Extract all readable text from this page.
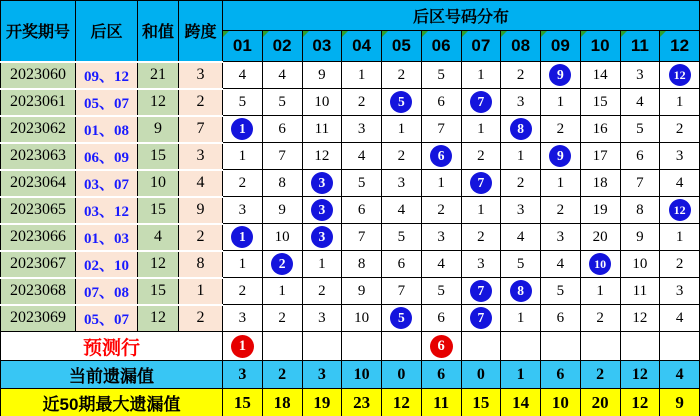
开奖期号	后区	和值	跨度	后区号码分布											

01	02	03	04	05	06	07	08	09	10	11	12
2023060	09、12	21	3	4	4	9	1	2	5	1	2	9	14	3	12
2023061	05、07	12	2	5	5	10	2	5	6	7	3	1	15	4	1
2023062	01、08	9	7	1	6	11	3	1	7	1	8	2	16	5	2
2023063	06、09	15	3	1	7	12	4	2	6	2	1	9	17	6	3
2023064	03、07	10	4	2	8	3	5	3	1	7	2	1	18	7	4
2023065	03、12	15	9	3	9	3	6	4	2	1	3	2	19	8	12
2023066	01、03	4	2	1	10	3	7	5	3	2	4	3	20	9	1
2023067	02、10	12	8	1	2	1	8	6	4	3	5	4	10	10	2
2023068	07、08	15	1	2	1	2	9	7	5	7	8	5	1	11	3
2023069	05、07	12	2	3	2	3	10	5	6	7	1	6	2	12	4
预测行				1					6						
当前遗漏值				3	2	3	10	0	6	0	1	6	2	12	4
近50期最大遗漏值				15	18	19	23	12	11	15	14	10	20	12	9
